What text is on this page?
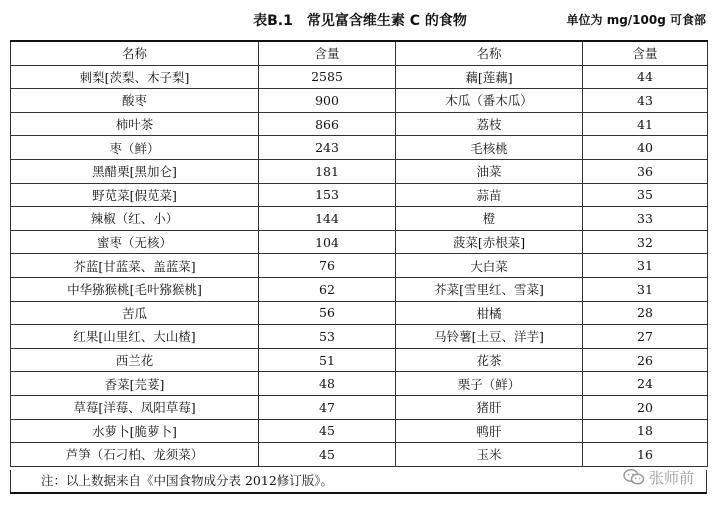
表B.1 常见富含维生素 C 的食物	单位为 mg/100g 可食部
名称	含量	名称	含量
刺梨[茨梨、木子梨]	2585	藕[莲藕]	44
酸枣	900	木瓜（番木瓜）	43
柿叶茶	866	荔枝	41
枣（鲜）	243	毛核桃	40
黑醋栗[黑加仑]	181	油菜	36
野苋菜[假苋菜]	153	蒜苗	35
辣椒（红、小）	144	橙	33
蜜枣（无核）	104	菠菜[赤根菜]	32
芥蓝[甘蓝菜、盖蓝菜]	76	大白菜	31
中华猕猴桃[毛叶猕猴桃]	62	芥菜[雪里红、雪菜]	31
苦瓜	56	柑橘	28
红果[山里红、大山楂]	53	马铃薯[土豆、洋芋]	27
西兰花	51	花茶	26
香菜[芫荽]	48	栗子（鲜）	24
草莓[洋莓、凤阳草莓]	47	猪肝	20
水萝卜[脆萝卜]	45	鸭肝	18
芦笋（石刁柏、龙须菜）	45	玉米	16
注：以上数据来自《中国食物成分表 2012修订版》。	张师前
